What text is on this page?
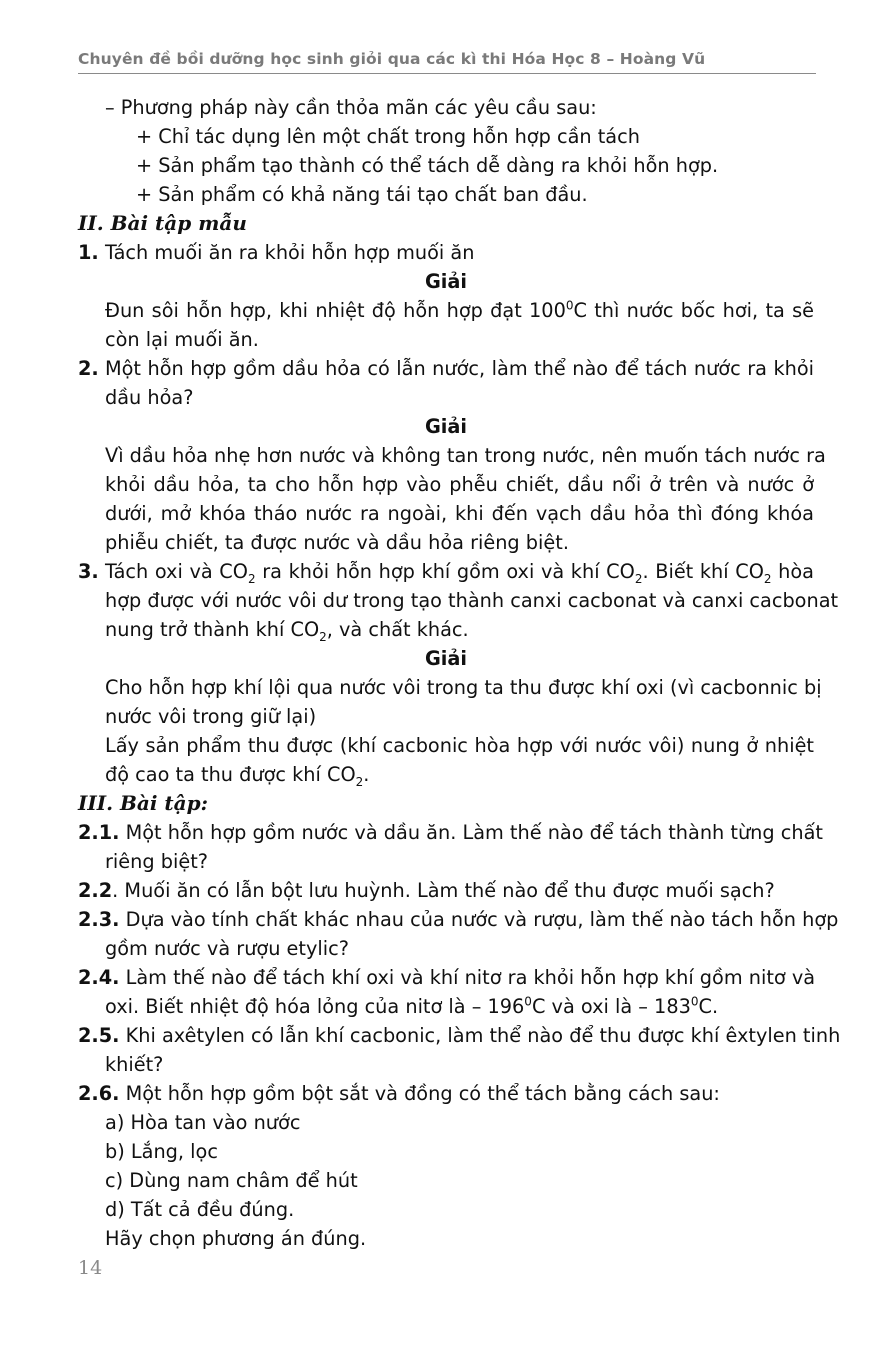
Chuyên đề bồi dưỡng học sinh giỏi qua các kì thi Hóa Học 8 – Hoàng Vũ
– Phương pháp này cần thỏa mãn các yêu cầu sau:
+ Chỉ tác dụng lên một chất trong hỗn hợp cần tách
+ Sản phẩm tạo thành có thể tách dễ dàng ra khỏi hỗn hợp.
+ Sản phẩm có khả năng tái tạo chất ban đầu.
II. Bài tập mẫu
1. Tách muối ăn ra khỏi hỗn hợp muối ăn
Giải
Đun sôi hỗn hợp, khi nhiệt độ hỗn hợp đạt $100^0C$ thì nước bốc hơi, ta sẽ
còn lại muối ăn.
2. Một hỗn hợp gồm dầu hỏa có lẫn nước, làm thể nào để tách nước ra khỏi
dầu hỏa?
Giải
Vì dầu hỏa nhẹ hơn nước và không tan trong nước, nên muốn tách nước ra
khỏi dầu hỏa, ta cho hỗn hợp vào phễu chiết, dầu nổi ở trên và nước ở
dưới, mở khóa tháo nước ra ngoài, khi đến vạch dầu hỏa thì đóng khóa
phiễu chiết, ta được nước và dầu hỏa riêng biệt.
3. Tách oxi và $CO_2$ ra khỏi hỗn hợp khí gồm oxi và khí $CO_2$. Biết khí $CO_2$ hòa
hợp được với nước vôi dư trong tạo thành canxi cacbonat và canxi cacbonat
nung trở thành khí $CO_2$, và chất khác.
Giải
Cho hỗn hợp khí lội qua nước vôi trong ta thu được khí oxi (vì cacbonnic bị
nước vôi trong giữ lại)
Lấy sản phẩm thu được (khí cacbonic hòa hợp với nước vôi) nung ở nhiệt
độ cao ta thu được khí $CO_2$.
III. Bài tập:
2.1. Một hỗn hợp gồm nước và dầu ăn. Làm thế nào để tách thành từng chất
riêng biệt?
2.2. Muối ăn có lẫn bột lưu huỳnh. Làm thế nào để thu được muối sạch?
2.3. Dựa vào tính chất khác nhau của nước và rượu, làm thế nào tách hỗn hợp
gồm nước và rượu etylic?
2.4. Làm thế nào để tách khí oxi và khí nitơ ra khỏi hỗn hợp khí gồm nitơ và
oxi. Biết nhiệt độ hóa lỏng của nitơ là – $196^0C$ và oxi là – $183^0C$.
2.5. Khi axêtylen có lẫn khí cacbonic, làm thể nào để thu được khí êxtylen tinh
khiết?
2.6. Một hỗn hợp gồm bột sắt và đồng có thể tách bằng cách sau:
a) Hòa tan vào nước
b) Lắng, lọc
c) Dùng nam châm để hút
d) Tất cả đều đúng.
Hãy chọn phương án đúng.
14
